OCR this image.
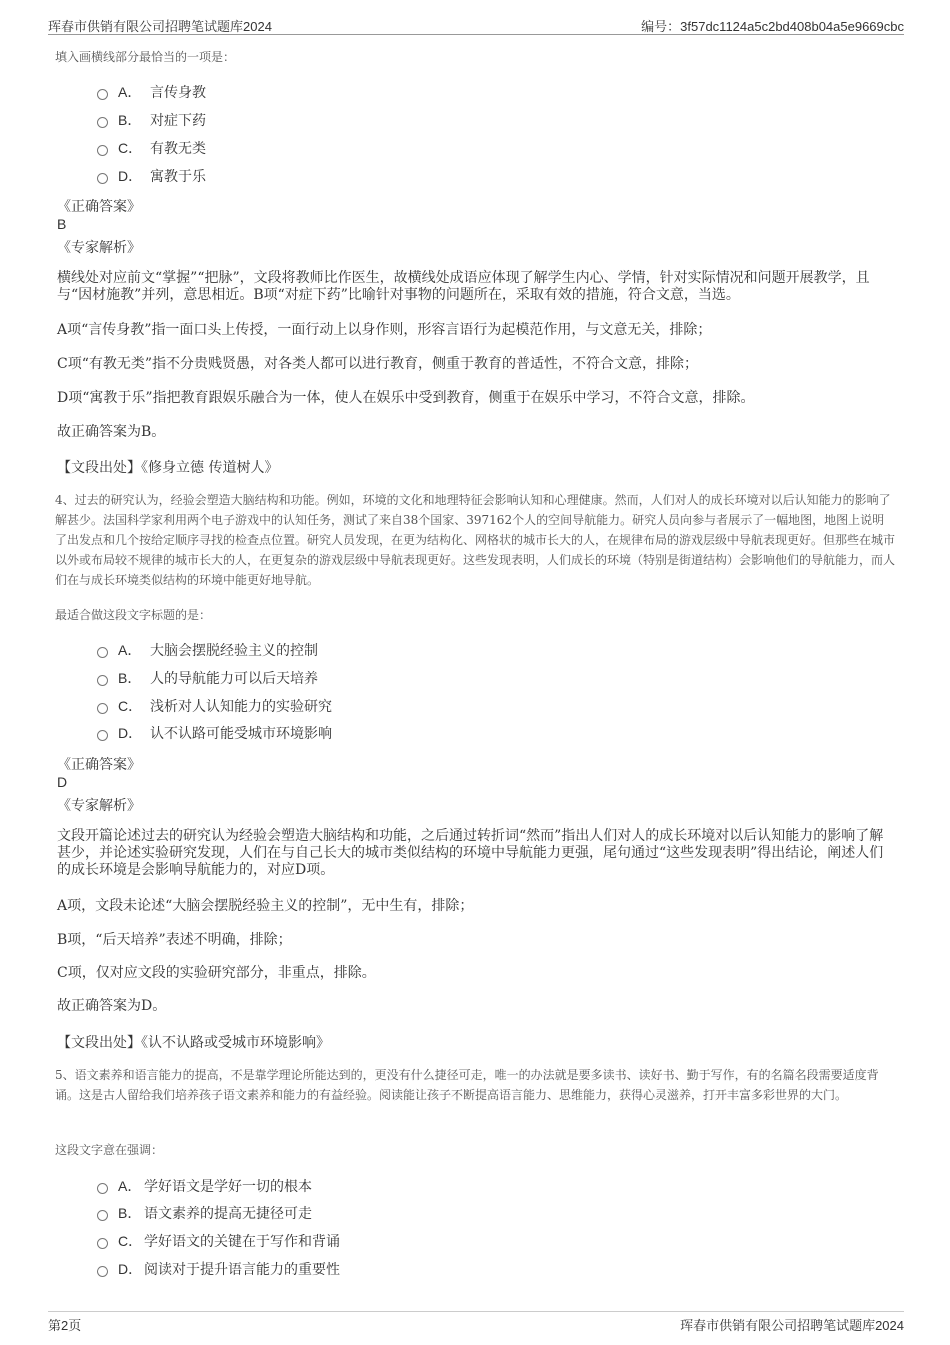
珲春市供销有限公司招聘笔试题库2024	编号：3f57dc1124a5c2bd408b04a5e9669cbc
填入画横线部分最恰当的一项是：
A． 言传身教
B． 对症下药
C． 有教无类
D． 寓教于乐
《正确答案》
B
《专家解析》
横线处对应前文“掌握”“把脉”，文段将教师比作医生，故横线处成语应体现了解学生内心、学情，针对实际情况和问题开展教学，且与“因材施教”并列，意思相近。B项“对症下药”比喻针对事物的问题所在，采取有效的措施，符合文意，当选。
A项“言传身教”指一面口头上传授，一面行动上以身作则，形容言语行为起模范作用，与文意无关，排除；
C项“有教无类”指不分贵贱贤愚，对各类人都可以进行教育，侧重于教育的普适性，不符合文意，排除；
D项“寓教于乐”指把教育跟娱乐融合为一体，使人在娱乐中受到教育，侧重于在娱乐中学习，不符合文意，排除。
故正确答案为B。
【文段出处】《修身立德 传道树人》
4、过去的研究认为，经验会塑造大脑结构和功能。例如，环境的文化和地理特征会影响认知和心理健康。然而，人们对人的成长环境对以后认知能力的影响了解甚少。法国科学家利用两个电子游戏中的认知任务，测试了来自38个国家、397162个人的空间导航能力。研究人员向参与者展示了一幅地图，地图上说明了出发点和几个按给定顺序寻找的检查点位置。研究人员发现，在更为结构化、网格状的城市长大的人，在规律布局的游戏层级中导航表现更好。但那些在城市以外或布局较不规律的城市长大的人，在更复杂的游戏层级中导航表现更好。这些发现表明，人们成长的环境（特别是街道结构）会影响他们的导航能力，而人们在与成长环境类似结构的环境中能更好地导航。
最适合做这段文字标题的是：
A． 大脑会摆脱经验主义的控制
B． 人的导航能力可以后天培养
C． 浅析对人认知能力的实验研究
D． 认不认路可能受城市环境影响
《正确答案》
D
《专家解析》
文段开篇论述过去的研究认为经验会塑造大脑结构和功能，之后通过转折词“然而”指出人们对人的成长环境对以后认知能力的影响了解甚少，并论述实验研究发现，人们在与自己长大的城市类似结构的环境中导航能力更强，尾句通过“这些发现表明”得出结论，阐述人们的成长环境是会影响导航能力的，对应D项。
A项，文段未论述“大脑会摆脱经验主义的控制”，无中生有，排除；
B项，“后天培养”表述不明确，排除；
C项，仅对应文段的实验研究部分，非重点，排除。
故正确答案为D。
【文段出处】《认不认路或受城市环境影响》
5、语文素养和语言能力的提高，不是靠学理论所能达到的，更没有什么捷径可走，唯一的办法就是要多读书、读好书、勤于写作，有的名篇名段需要适度背诵。这是古人留给我们培养孩子语文素养和能力的有益经验。阅读能让孩子不断提高语言能力、思维能力，获得心灵滋养，打开丰富多彩世界的大门。
这段文字意在强调：
A． 学好语文是学好一切的根本
B． 语文素养的提高无捷径可走
C． 学好语文的关键在于写作和背诵
D． 阅读对于提升语言能力的重要性
第2页	珲春市供销有限公司招聘笔试题库2024
